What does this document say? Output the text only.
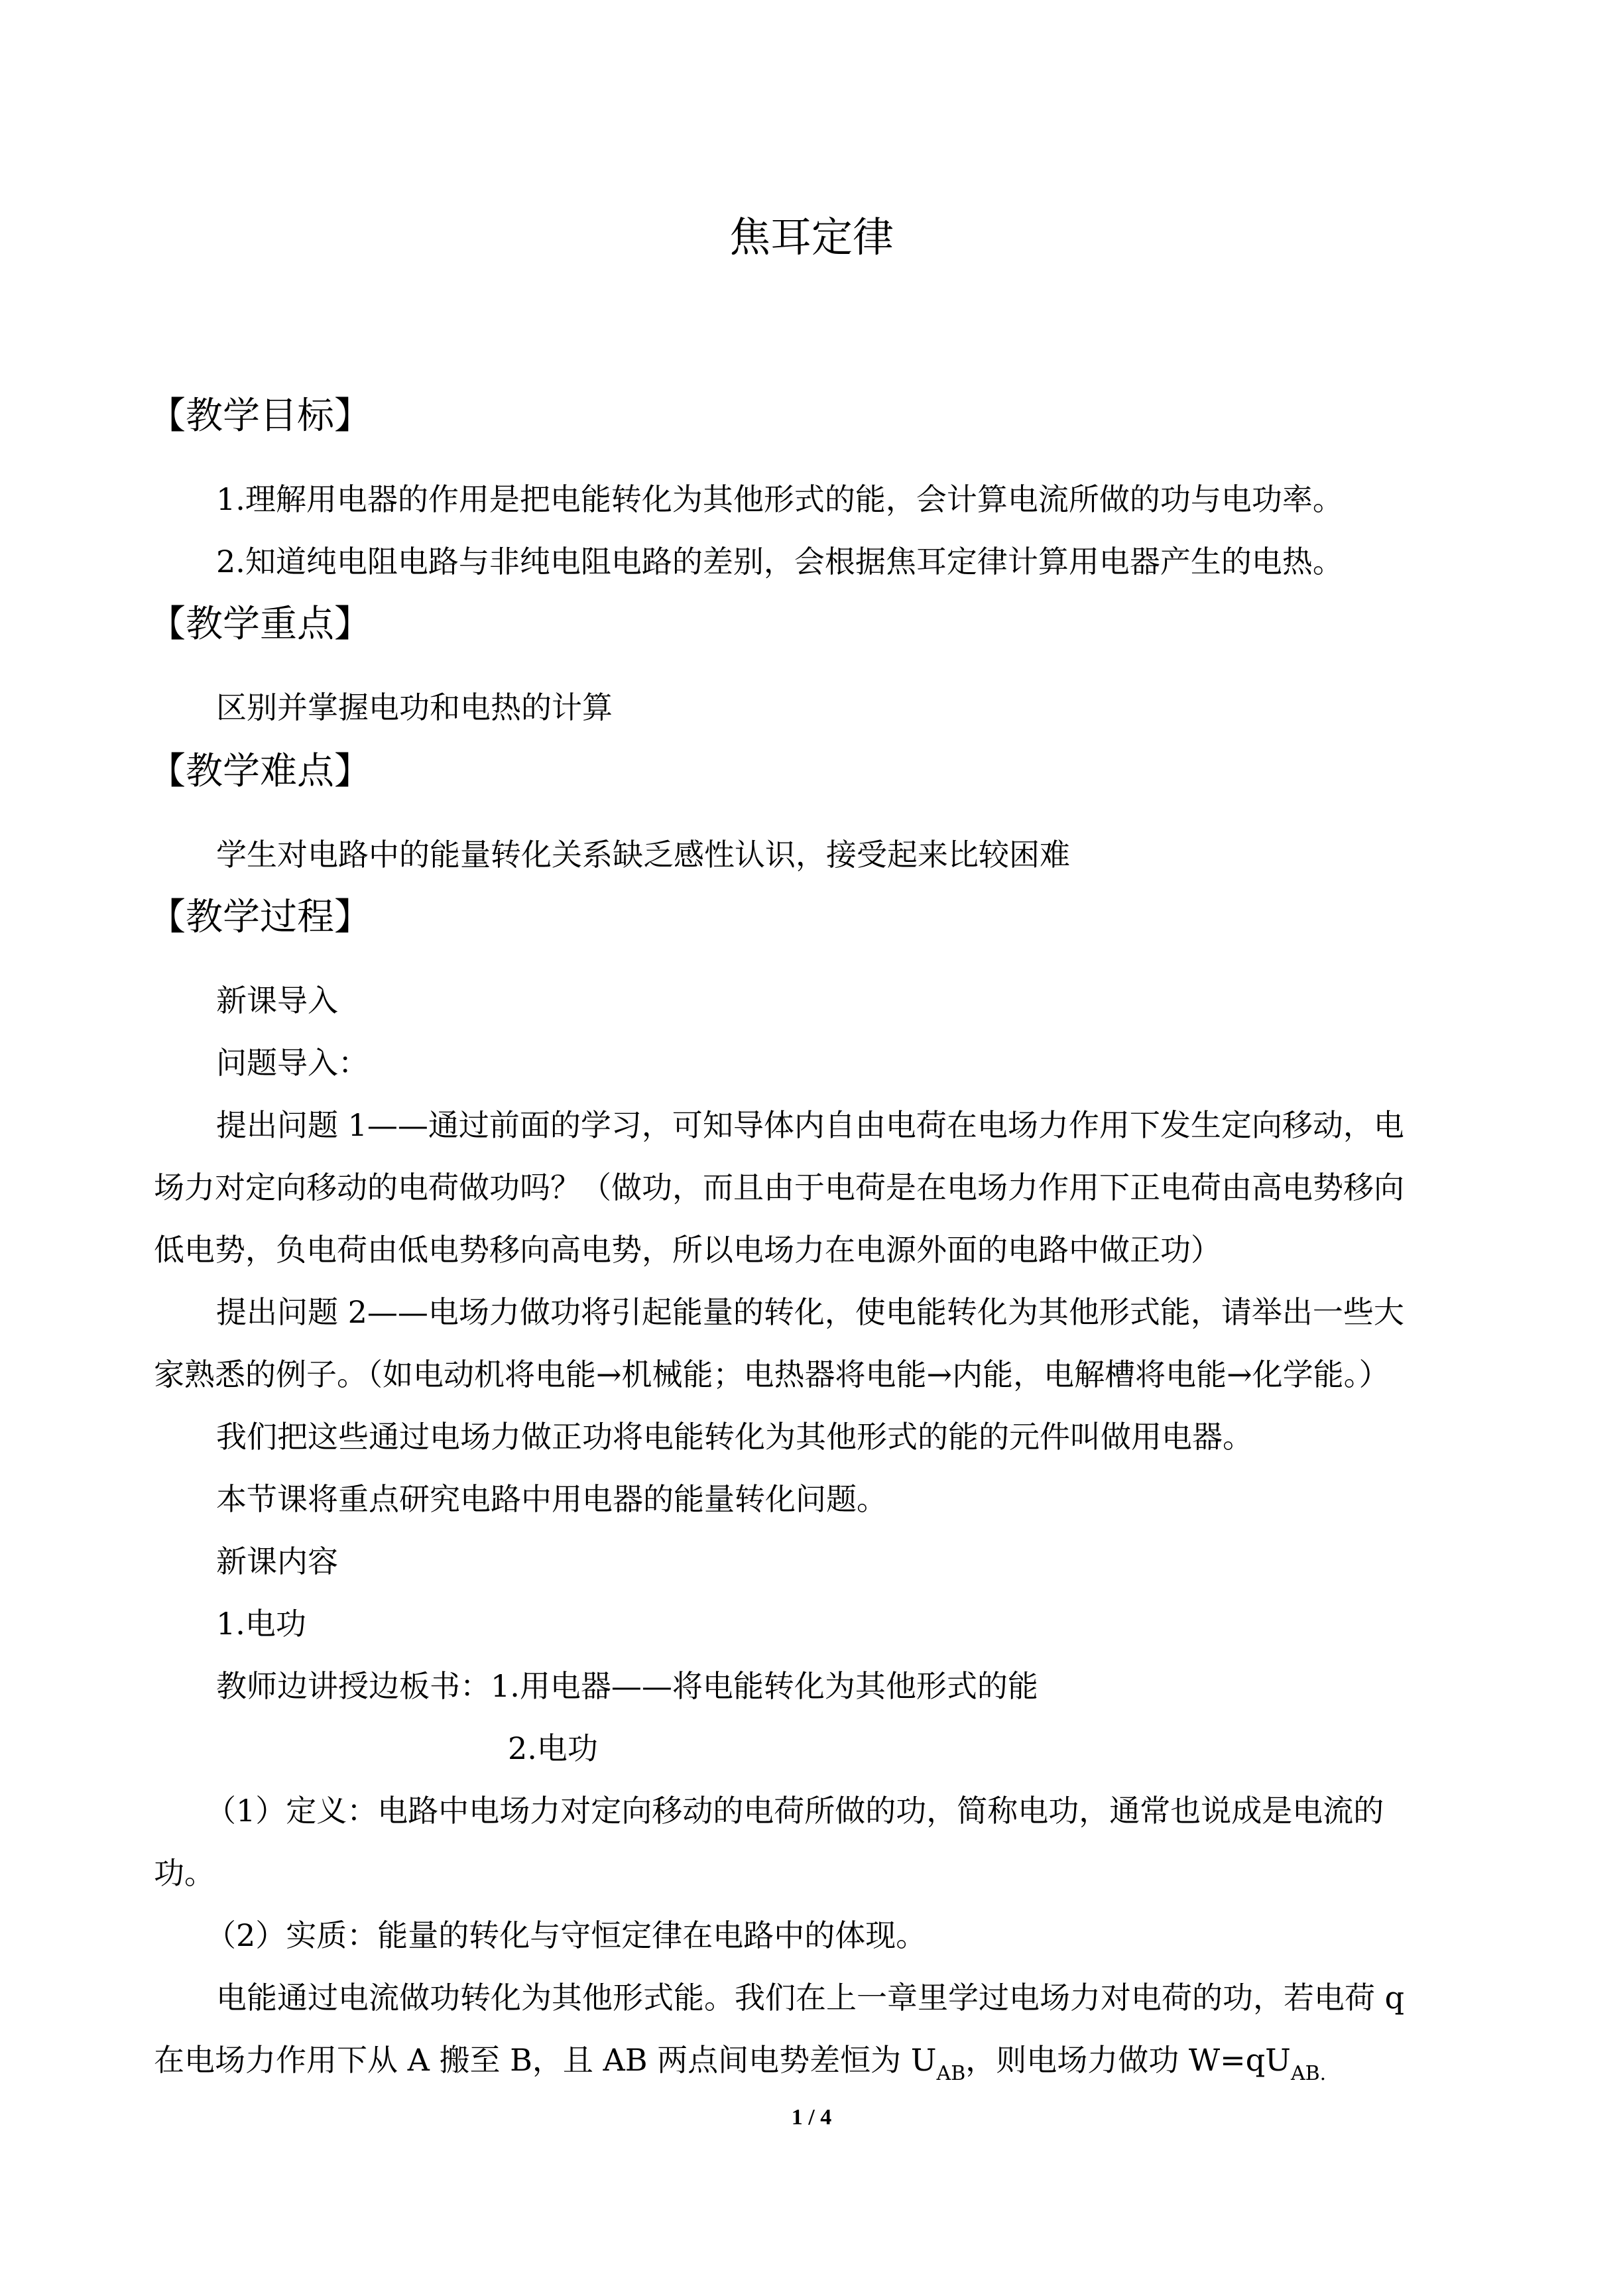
焦耳定律
【教学目标】
1.理解用电器的作用是把电能转化为其他形式的能，会计算电流所做的功与电功率。
2.知道纯电阻电路与非纯电阻电路的差别，会根据焦耳定律计算用电器产生的电热。
【教学重点】
区别并掌握电功和电热的计算
【教学难点】
学生对电路中的能量转化关系缺乏感性认识，接受起来比较困难
【教学过程】
新课导入
问题导入：
提出问题 1——通过前面的学习，可知导体内自由电荷在电场力作用下发生定向移动，电
场力对定向移动的电荷做功吗？（做功，而且由于电荷是在电场力作用下正电荷由高电势移向
低电势，负电荷由低电势移向高电势，所以电场力在电源外面的电路中做正功）
提出问题 2——电场力做功将引起能量的转化，使电能转化为其他形式能，请举出一些大
家熟悉的例子。（如电动机将电能→机械能；电热器将电能→内能，电解槽将电能→化学能。）
我们把这些通过电场力做正功将电能转化为其他形式的能的元件叫做用电器。
本节课将重点研究电路中用电器的能量转化问题。
新课内容
1.电功
教师边讲授边板书：1.用电器——将电能转化为其他形式的能
2.电功
（1）定义：电路中电场力对定向移动的电荷所做的功，简称电功，通常也说成是电流的
功。
（2）实质：能量的转化与守恒定律在电路中的体现。
电能通过电流做功转化为其他形式能。我们在上一章里学过电场力对电荷的功，若电荷 q
在电场力作用下从 A 搬至 B，且 AB 两点间电势差恒为 $U_{AB}$，则电场力做功 $W=qU_{AB.}$
1 / 4
